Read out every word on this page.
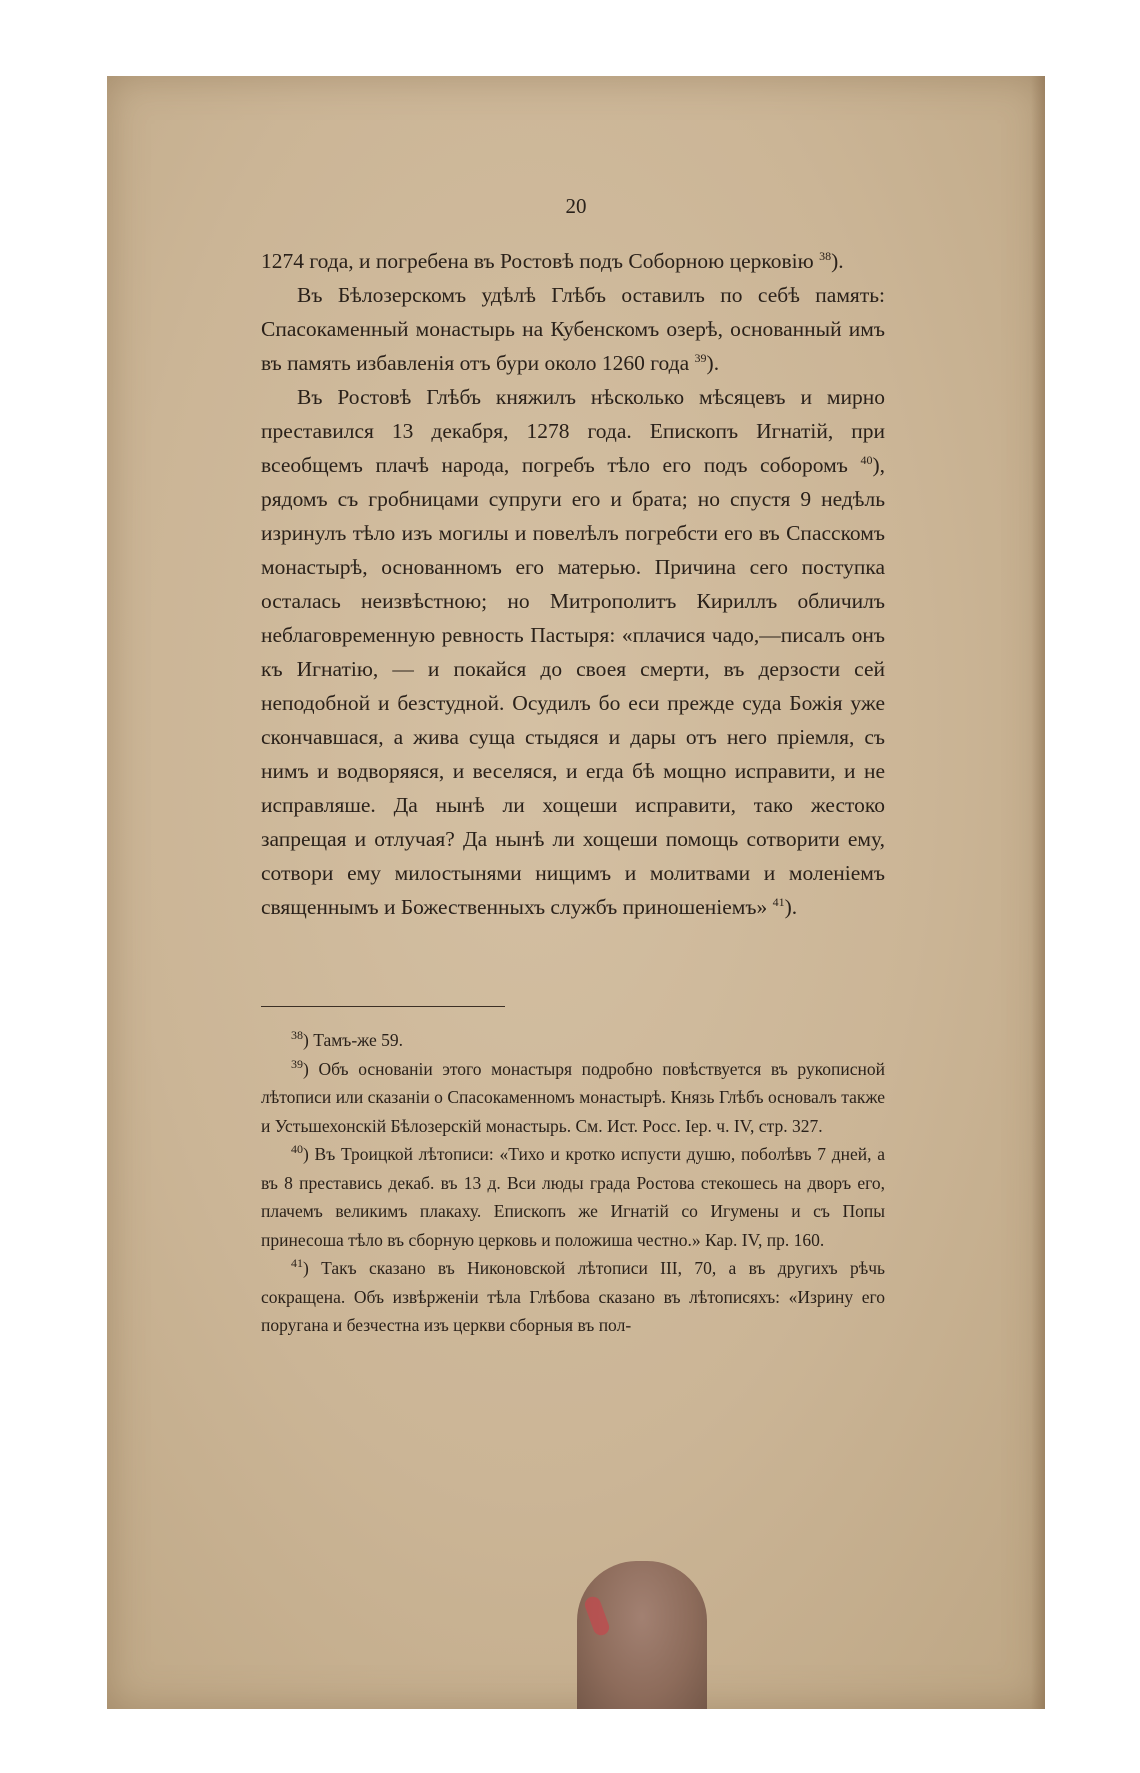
20

1274 года, и погребена въ Ростовѣ подъ Соборною церковію $^{38}$).

Въ Бѣлозерскомъ удѣлѣ Глѣбъ оставилъ по себѣ память: Спасокаменный монастырь на Кубенскомъ озерѣ, основанный имъ въ память избавленія отъ бури около 1260 года $^{39}$).

Въ Ростовѣ Глѣбъ княжилъ нѣсколько мѣсяцевъ и мирно преставился 13 декабря, 1278 года. Епископъ Игнатій, при всеобщемъ плачѣ народа, погребъ тѣло его подъ соборомъ $^{40}$), рядомъ съ гробницами супруги его и брата; но спустя 9 недѣль изринулъ тѣло изъ могилы и повелѣлъ погребсти его въ Спасскомъ монастырѣ, основанномъ его матерью. Причина сего поступка осталась неизвѣстною; но Митрополитъ Кириллъ обличилъ неблаговременную ревность Пастыря: «плачися чадо,—писалъ онъ къ Игнатію, — и покайся до своея смерти, въ дерзости сей неподобной и безстудной. Осудилъ бо еси прежде суда Божія уже скончавшася, а жива суща стыдяся и дары отъ него пріемля, съ нимъ и водворяяся, и веселяся, и егда бѣ мощно исправити, и не исправляше. Да нынѣ ли хощеши исправити, тако жестоко запрещая и отлучая? Да нынѣ ли хощеши помощь сотворити ему, сотвори ему милостынями нищимъ и молитвами и моленіемъ священнымъ и Божественныхъ службъ приношеніемъ» $^{41}$).

$^{38}$) Тамъ-же 59.

$^{39}$) Объ основаніи этого монастыря подробно повѣствуется въ рукописной лѣтописи или сказаніи о Спасокаменномъ монастырѣ. Князь Глѣбъ основалъ также и Устьшехонскій Бѣлозерскій монастырь. См. Ист. Росс. Іер. ч. IV, стр. 327.

$^{40}$) Въ Троицкой лѣтописи: «Тихо и кротко испусти душю, поболѣвъ 7 дней, а въ 8 преставись декаб. въ 13 д. Вси люды града Ростова стекошесь на дворъ его, плачемъ великимъ плакаху. Епископъ же Игнатій со Игумены и съ Попы принесоша тѣло въ сборную церковь и положиша честно.» Кар. IV, пр. 160.

$^{41}$) Такъ сказано въ Никоновской лѣтописи III, 70, а въ другихъ рѣчь сокращена. Объ извѣрженіи тѣла Глѣбова сказано въ лѣтописяхъ: «Изрину его поругана и безчестна изъ церкви сборныя въ пол-
